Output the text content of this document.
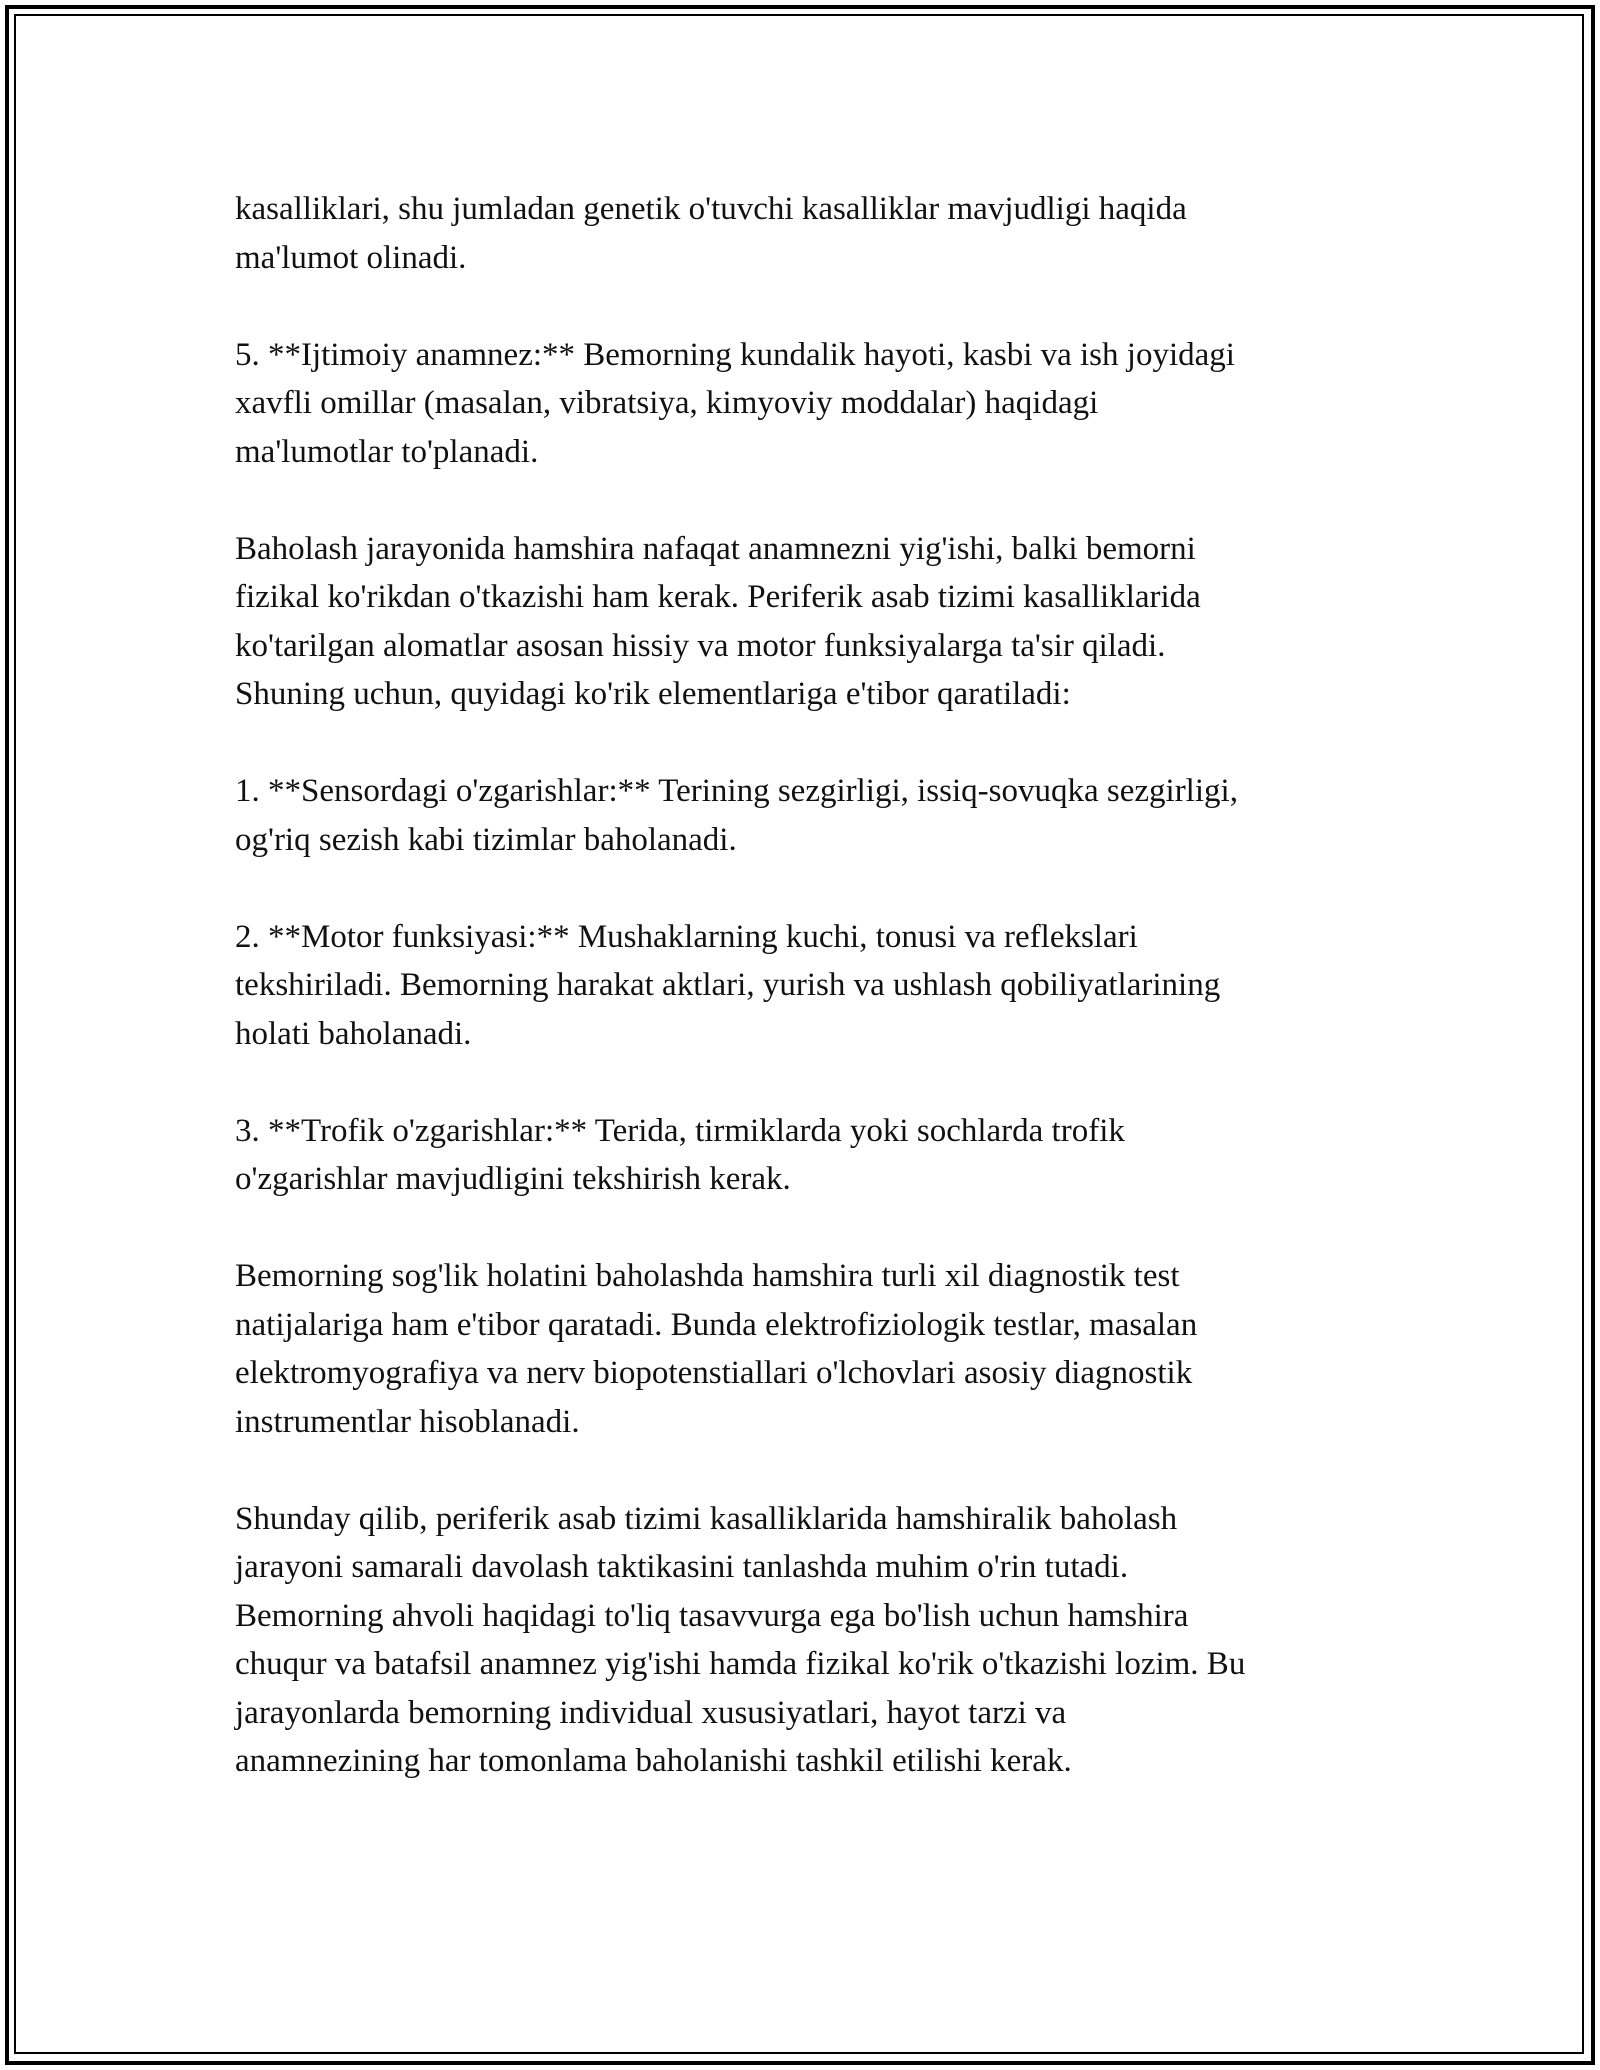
kasalliklari, shu jumladan genetik o'tuvchi kasalliklar mavjudligi haqida
ma'lumot olinadi.
5. **Ijtimoiy anamnez:** Bemorning kundalik hayoti, kasbi va ish joyidagi
xavfli omillar (masalan, vibratsiya, kimyoviy moddalar) haqidagi
ma'lumotlar to'planadi.
Baholash jarayonida hamshira nafaqat anamnezni yig'ishi, balki bemorni
fizikal ko'rikdan o'tkazishi ham kerak. Periferik asab tizimi kasalliklarida
ko'tarilgan alomatlar asosan hissiy va motor funksiyalarga ta'sir qiladi.
Shuning uchun, quyidagi ko'rik elementlariga e'tibor qaratiladi:
1. **Sensordagi o'zgarishlar:** Terining sezgirligi, issiq-sovuqka sezgirligi,
og'riq sezish kabi tizimlar baholanadi.
2. **Motor funksiyasi:** Mushaklarning kuchi, tonusi va reflekslari
tekshiriladi. Bemorning harakat aktlari, yurish va ushlash qobiliyatlarining
holati baholanadi.
3. **Trofik o'zgarishlar:** Terida, tirmiklarda yoki sochlarda trofik
o'zgarishlar mavjudligini tekshirish kerak.
Bemorning sog'lik holatini baholashda hamshira turli xil diagnostik test
natijalariga ham e'tibor qaratadi. Bunda elektrofiziologik testlar, masalan
elektromyografiya va nerv biopotenstiallari o'lchovlari asosiy diagnostik
instrumentlar hisoblanadi.
Shunday qilib, periferik asab tizimi kasalliklarida hamshiralik baholash
jarayoni samarali davolash taktikasini tanlashda muhim o'rin tutadi.
Bemorning ahvoli haqidagi to'liq tasavvurga ega bo'lish uchun hamshira
chuqur va batafsil anamnez yig'ishi hamda fizikal ko'rik o'tkazishi lozim. Bu
jarayonlarda bemorning individual xususiyatlari, hayot tarzi va
anamnezining har tomonlama baholanishi tashkil etilishi kerak.
